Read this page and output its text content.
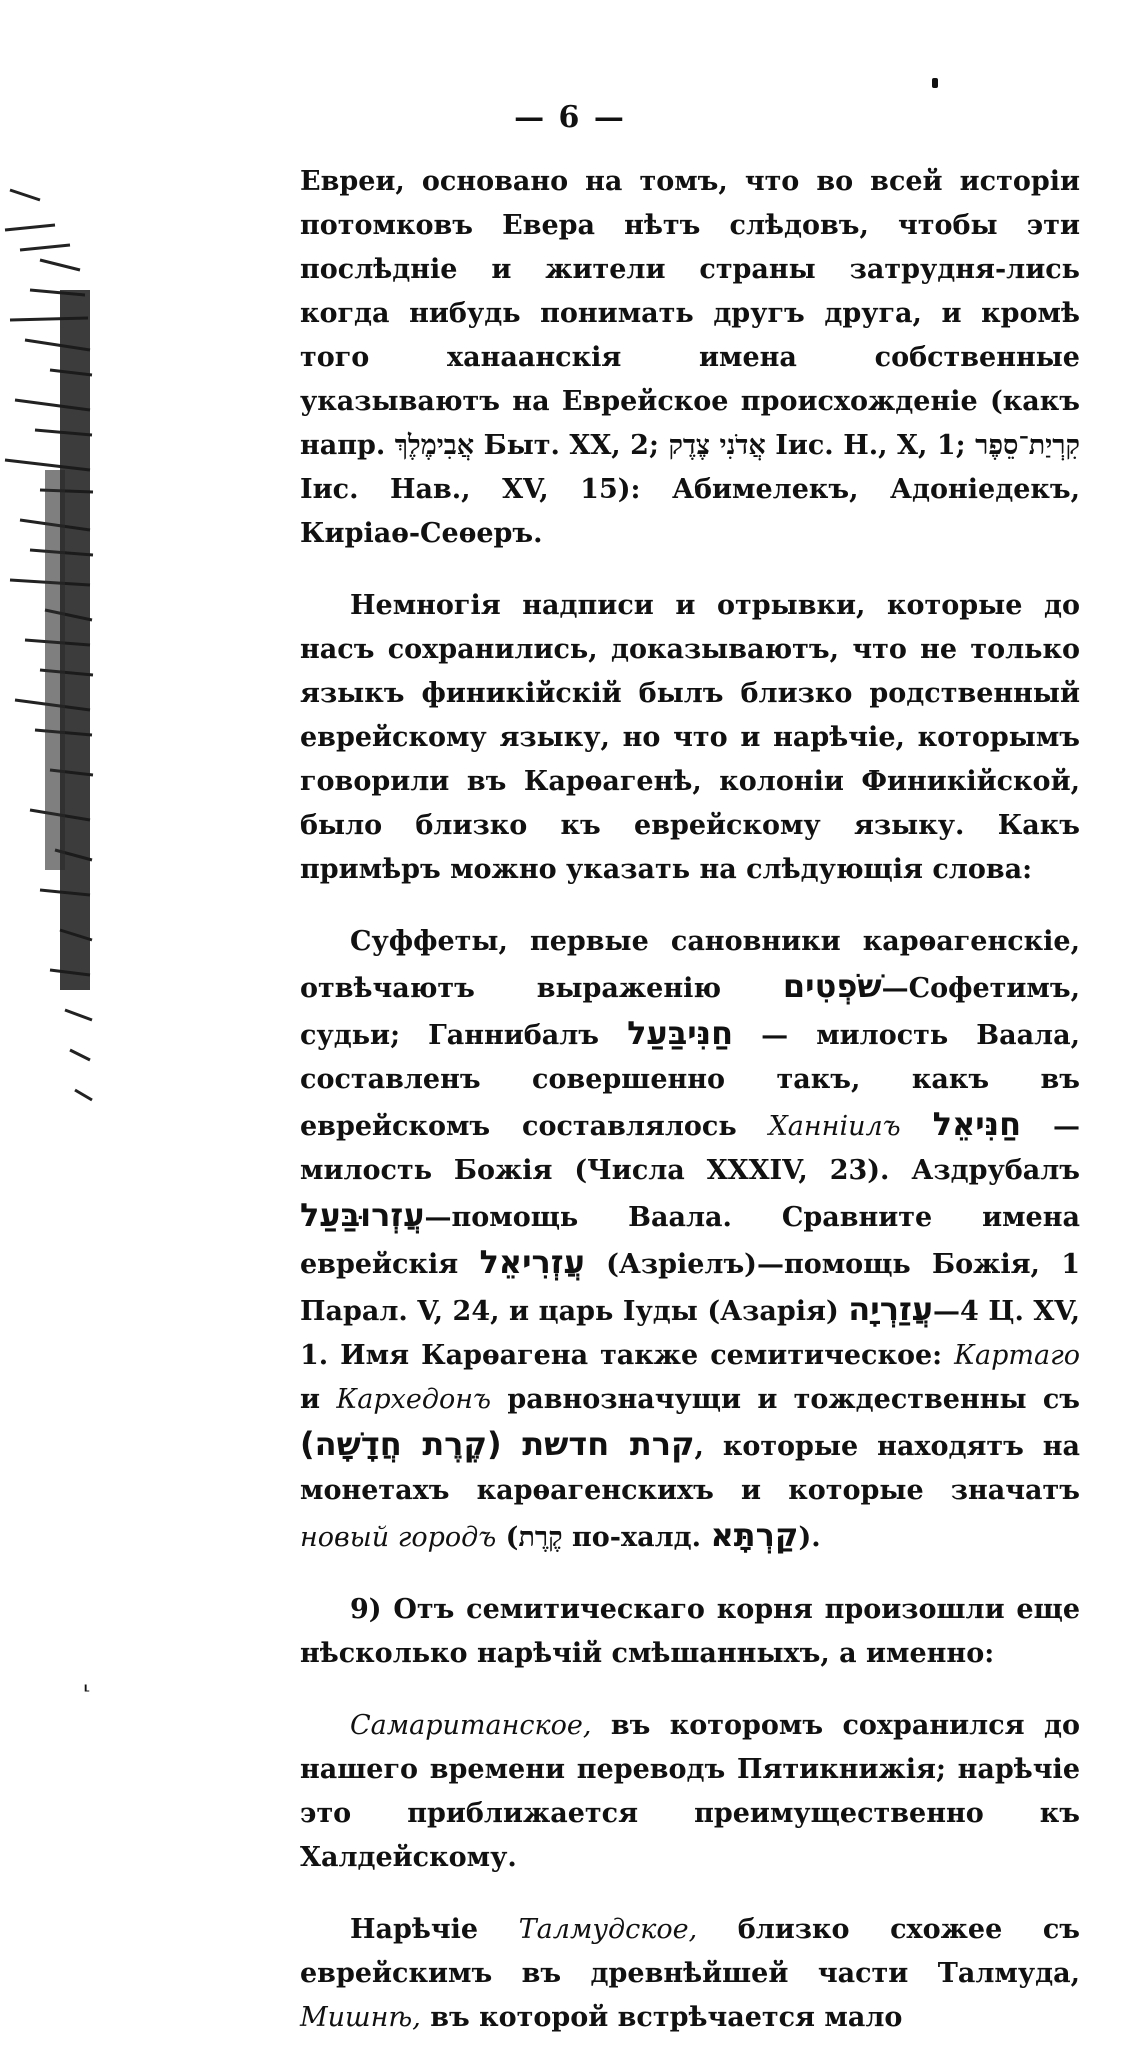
— 6 —

Евреи, основано на томъ, что во всей исторіи потомковъ Евера нѣтъ слѣдовъ, чтобы эти послѣдніе и жители страны затрудня-лись когда нибудь понимать другъ друга, и кромѣ того ханаанскія имена собственные указываютъ на Еврейское происхожденіе (какъ напр. אֲבִימֶלֶךְ Быт. XX, 2; אֲדֹנִי צֶדֶק Іис. Н., X, 1; קִרְיַת־סֵפֶר Іис. Нав., XV, 15): Абимелекъ, Адонiедекъ, Киріаѳ-Сеѳеръ.

Немногія надписи и отрывки, которые до насъ сохранились, доказываютъ, что не только языкъ финикійскій былъ близко родственный еврейскому языку, но что и нарѣчіе, которымъ говорили въ Карѳагенѣ, колоніи Финикійской, было близко къ еврейскому языку. Какъ примѣръ можно указать на слѣдующія слова:

Суффеты, первые сановники карѳагенскіе, отвѣчаютъ выраженію שֹׁפְטִים—Софетимъ, судьи; Ганнибалъ חַנִּיבַּעַל — милость Ваала, составленъ совершенно такъ, какъ въ еврейскомъ составлялось Ханніилъ חַנִּיאֵל — милость Божія (Числа XXXIV, 23). Аздрубалъ עֲזְרוּבַּעַל—помощь Ваала. Сравните имена еврейскія עֲזְרִיאֵל (Азріелъ)—помощь Божія, 1 Парал. V, 24, и царь Іуды (Азарія) עֲזַרְיָה—4 Ц. XV, 1. Имя Карѳагена также семитическое: Картаго и Кархедонъ равнозначущи и тождественны съ קרת חדשת (קֶרֶת חֲדָשָׁה), которые находятъ на монетахъ карѳагенскихъ и которые значатъ новый городъ (קֶרֶת по-халд. קַרְתָּא).

9) Отъ семитическаго корня произошли еще нѣсколько нарѣчій смѣшанныхъ, а именно:

Самаританское, въ которомъ сохранился до нашего времени переводъ Пятикнижія; нарѣчіе это приближается преимущественно къ Халдейскому.

Нарѣчіе Талмудское, близко схожее съ еврейскимъ въ древнѣйшей части Талмуда, Мишнѣ, въ которой встрѣчается мало

⸤
